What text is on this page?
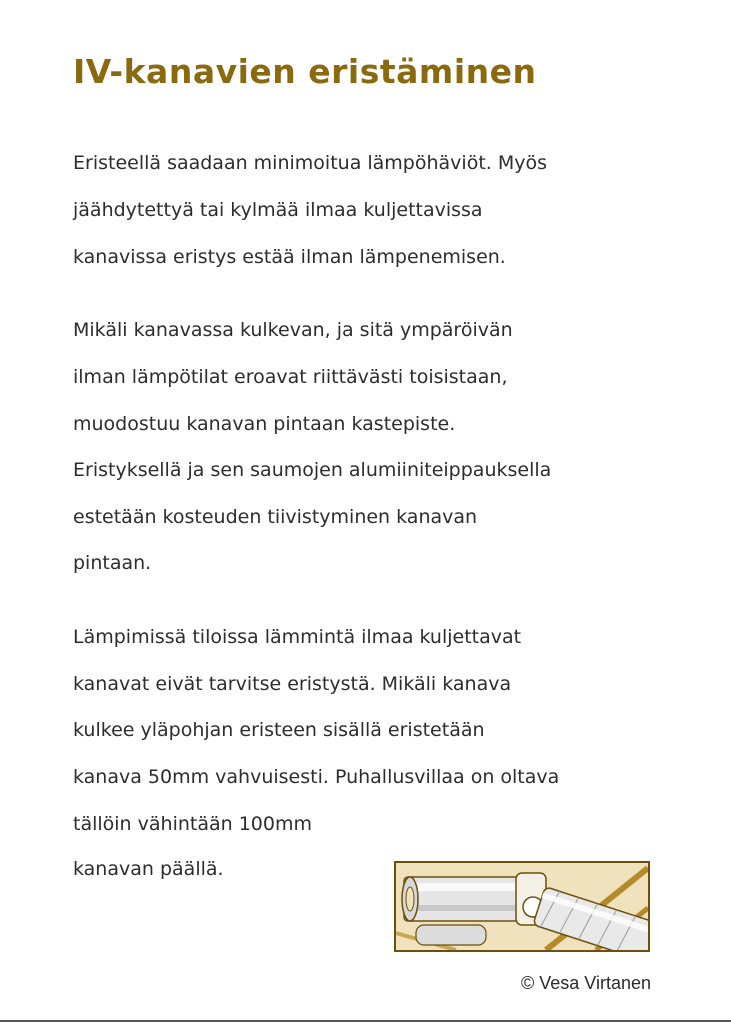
IV-kanavien eristäminen

Eristeellä saadaan minimoitua lämpöhäviöt. Myös

jäähdytettyä tai kylmää ilmaa kuljettavissa

kanavissa eristys estää ilman lämpenemisen.

Mikäli kanavassa kulkevan, ja sitä ympäröivän

ilman lämpötilat eroavat riittävästi toisistaan,

muodostuu kanavan pintaan kastepiste.

Eristyksellä ja sen saumojen alumiiniteippauksella

estetään kosteuden tiivistyminen kanavan

pintaan.

Lämpimissä tiloissa lämmintä ilmaa kuljettavat

kanavat eivät tarvitse eristystä. Mikäli kanava

kulkee yläpohjan eristeen sisällä eristetään

kanava 50mm vahvuisesti. Puhallusvillaa on oltava

tällöin vähintään 100mm

kanavan päällä.

© Vesa Virtanen
